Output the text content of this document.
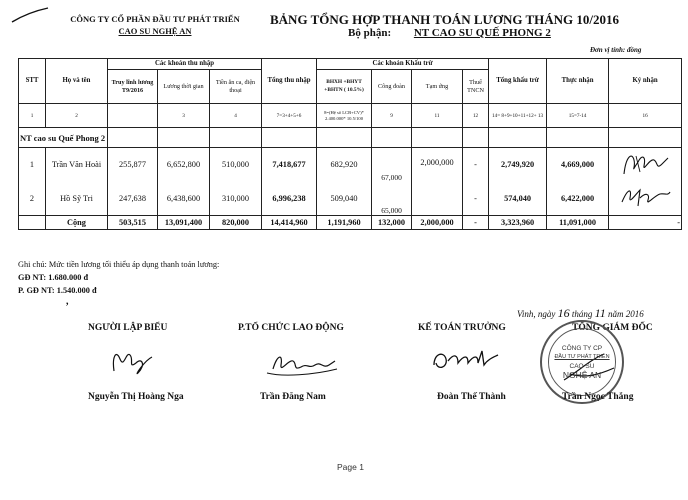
CÔNG TY CỔ PHẦN ĐẦU TƯ PHÁT TRIỂN
CAO SU NGHỆ AN
BẢNG TỔNG HỢP THANH TOÁN LƯƠNG THÁNG 10/2016
Bộ phận: NT CAO SU QUẾ PHONG 2
Đơn vị tính: đồng
STT	Họ và tên	Các khoản thu nhập			Tổng thu nhập	Các khoản Khấu trừ				Tổng khấu trừ	Thực nhận	Ký nhận
		Truy lĩnh lương T9/2016	Lương thời gian	Tiền ăn ca, điện thoại		BHXH +BHYT +BHTN ( 10.5%)	Công đoàn	Tạm ứng	Thuế TNCN			
1	2		3	4	7=3+4+5+6	8=(Hệ số LCB+CV)* 2.400.000* 10.5/100	9	11	12	14= 8+9+10+11+12+ 13	15=7-14	16
NT cao su Quế Phong 2												
1	Trần Văn Hoài	255,877	6,652,800	510,000	7,418,677	682,920	67,000	2,000,000	-	2,749,920	4,669,000	
2	Hồ Sỹ Tri	247,638	6,438,600	310,000	6,996,238	509,040	65,000		-	574,040	6,422,000	
	Cộng	503,515	13,091,400	820,000	14,414,960	1,191,960	132,000	2,000,000	-	3,323,960	11,091,000	-
Ghi chú: Mức tiền lương tối thiểu áp dụng thanh toán lương:
GĐ NT: 1.680.000 đ
P. GĐ NT: 1.540.000 đ
,
Vinh, ngày 16 tháng 11 năm 2016
NGƯỜI LẬP BIỂU	P.TỔ CHỨC LAO ĐỘNG	KẾ TOÁN TRƯỞNG	TỔNG GIÁM ĐỐC
CÔNG TY CP
ĐẦU TƯ PHÁT TRIỂN
CAO SU
NGHỆ AN
Nguyễn Thị Hoàng Nga	Trần Đăng Nam	Đoàn Thế Thành	Trần Ngọc Thắng
Page 1
